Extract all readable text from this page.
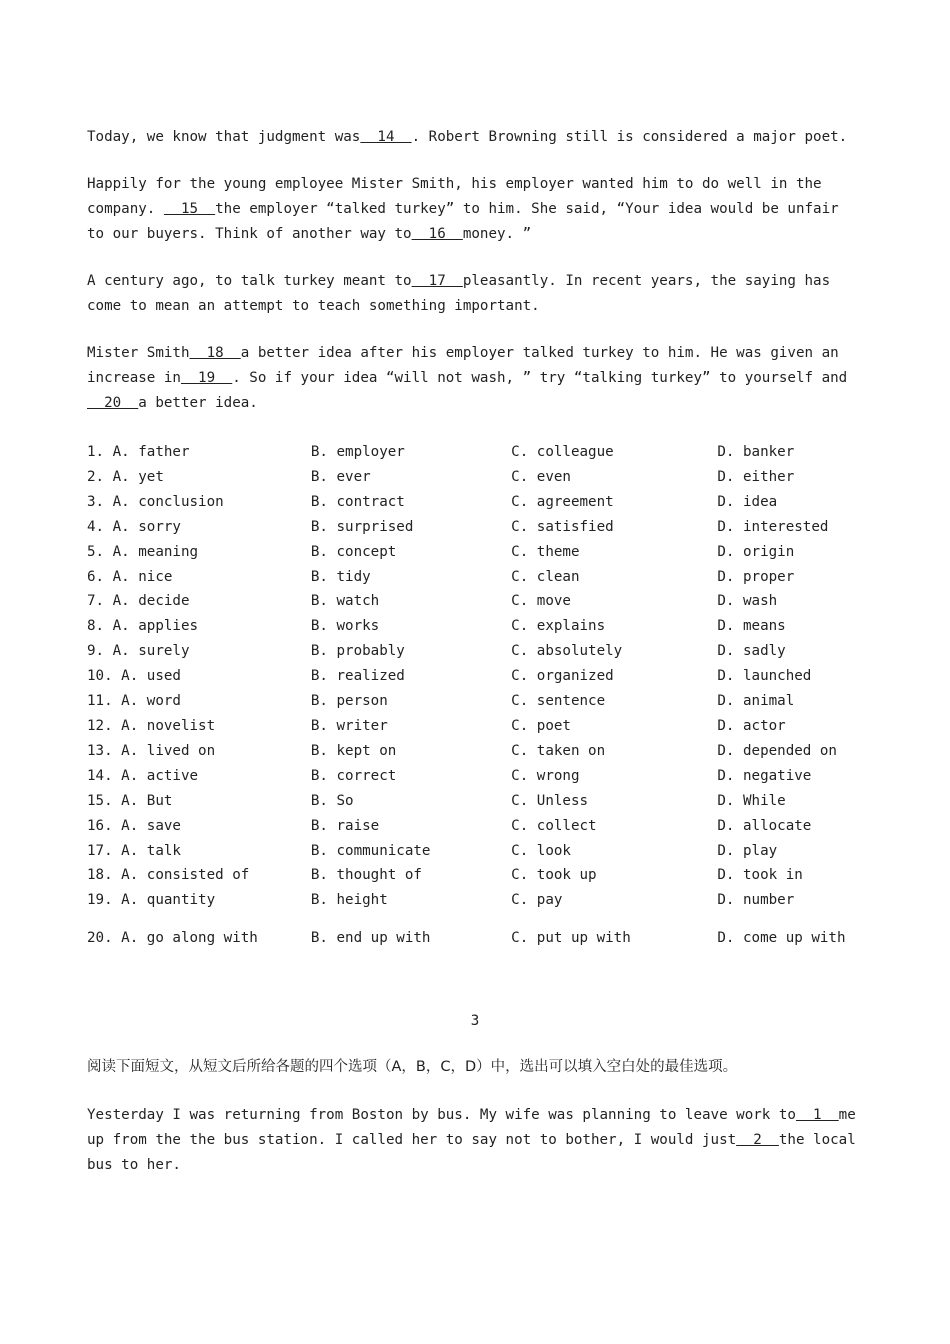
Today, we know that judgment was  14  . Robert Browning still is considered a major poet.

Happily for the young employee Mister Smith, his employer wanted him to do well in the company.   15  the employer “talked turkey” to him. She said, “Your idea would be unfair to our buyers. Think of another way to  16  money. ”

A century ago, to talk turkey meant to  17  pleasantly. In recent years, the saying has come to mean an attempt to teach something important.

Mister Smith  18  a better idea after his employer talked turkey to him. He was given an increase in  19  . So if your idea “will not wash, ” try “talking turkey” to yourself and  20  a better idea.

1. A. father	B. employer	C. colleague	D. banker
2. A. yet	B. ever	C. even	D. either
3. A. conclusion	B. contract	C. agreement	D. idea
4. A. sorry	B. surprised	C. satisfied	D. interested
5. A. meaning	B. concept	C. theme	D. origin
6. A. nice	B. tidy	C. clean	D. proper
7. A. decide	B. watch	C. move	D. wash
8. A. applies	B. works	C. explains	D. means
9. A. surely	B. probably	C. absolutely	D. sadly
10. A. used	B. realized	C. organized	D. launched
11. A. word	B. person	C. sentence	D. animal
12. A. novelist	B. writer	C. poet	D. actor
13. A. lived on	B. kept on	C. taken on	D. depended on
14. A. active	B. correct	C. wrong	D. negative
15. A. But	B. So	C. Unless	D. While
16. A. save	B. raise	C. collect	D. allocate
17. A. talk	B. communicate	C. look	D. play
18. A. consisted of	B. thought of	C. took up	D. took in
19. A. quantity	B. height	C. pay	D. number
20. A. go along with	B. end up with	C. put up with	D. come up with
3
阅读下面短文，从短文后所给各题的四个选项（A，B，C，D）中，选出可以填入空白处的最佳选项。

Yesterday I was returning from Boston by bus. My wife was planning to leave work to  1  me up from the the bus station. I called her to say not to bother, I would just  2  the local bus to her.
